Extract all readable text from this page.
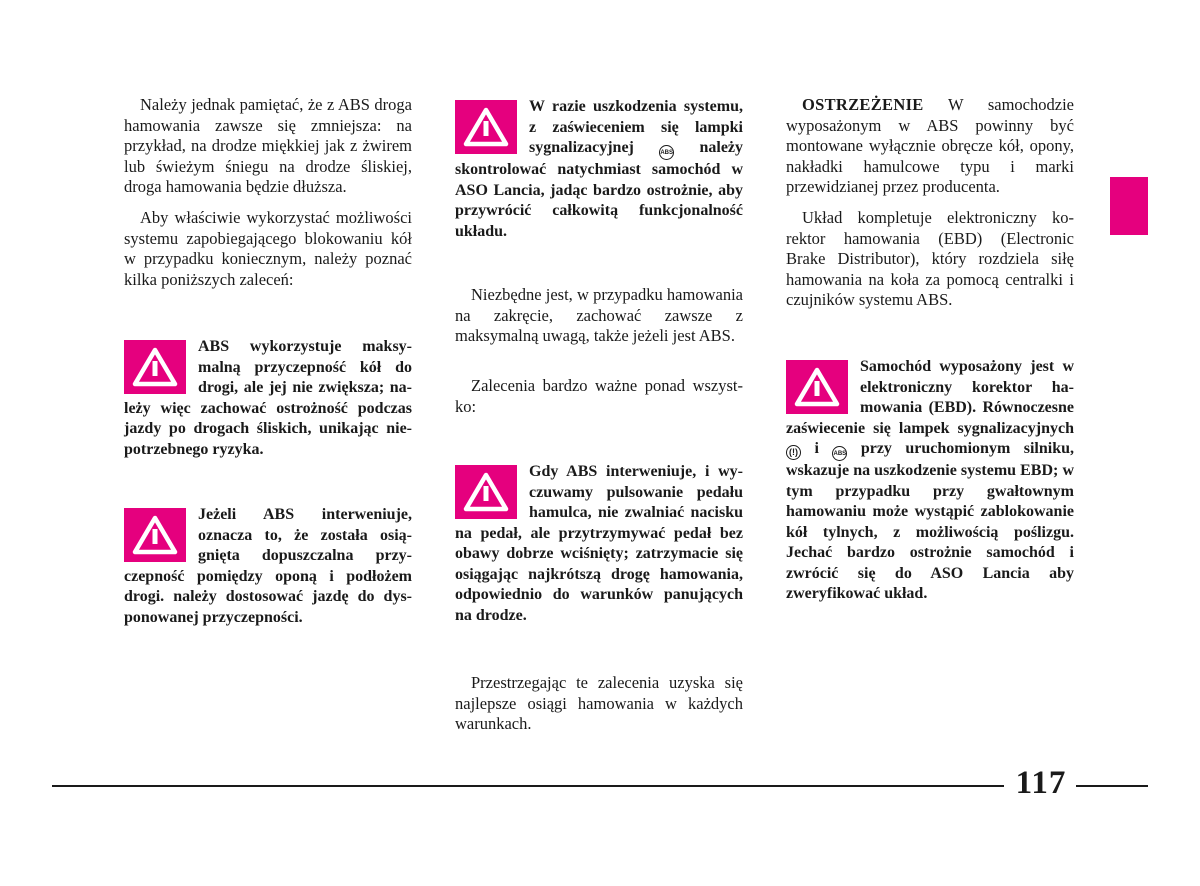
Należy jednak pamiętać, że z ABS droga hamowania zawsze się zmniejsza: na przykład, na drodze miękkiej jak z żwirem lub świeżym śniegu na drodze śliskiej, droga hamowania będzie dłuższa.

Aby właściwie wykorzystać możliwości systemu zapobiegającego blokowaniu kół w przypadku koniecznym, należy poznać kilka poniższych zaleceń:

ABS wykorzystuje maksymalną przyczepność kół do drogi, ale jej nie zwiększa; należy więc zachować ostrożność podczas jazdy po drogach śliskich, unikając niepotrzebnego ryzyka.
Jeżeli ABS interweniuje, oznacza to, że została osiągnięta dopuszczalna przyczepność pomiędzy oponą i podłożem drogi. należy dostosować jazdę do dysponowanej przyczepności.
W razie uszkodzenia systemu, z zaświeceniem się lampki sygnalizacyjnej	ABS należy skontrolować natychmiast samochód w ASO Lancia, jadąc bardzo ostrożnie, aby przywrócić całkowitą funkcjonalność układu.

Niezbędne jest, w przypadku hamowania na zakręcie, zachować zawsze z maksymalną uwagą, także jeżeli jest ABS.

Zalecenia bardzo ważne ponad wszystko:

Gdy ABS interweniuje, i wyczuwamy pulsowanie pedału hamulca, nie zwalniać nacisku na pedał, ale przytrzymywać pedał bez obawy dobrze wciśnięty; zatrzymacie się osiągając najkrótszą drogę hamowania, odpowiednio do warunków panujących na drodze.

Przestrzegając te zalecenia uzyska się najlepsze osiągi hamowania w każdych warunkach.

OSTRZEŻENIE W samochodzie wyposażonym w ABS powinny być montowane wyłącznie obręcze kół, opony, nakładki hamulcowe typu i marki przewidzianej przez producenta.

Układ kompletuje elektroniczny korektor hamowania (EBD) (Electronic Brake Distributor), który rozdziela siłę hamowania na koła za pomocą centralki i czujników systemu ABS.

Samochód wyposażony jest w elektroniczny korektor hamowania (EBD). Równoczesne zaświecenie się lampek sygnalizacyjnych (!) i ABS przy uruchomionym silniku, wskazuje na uszkodzenie systemu EBD; w tym przypadku przy gwałtownym hamowaniu może wystąpić zablokowanie kół tylnych, z możliwością poślizgu. Jechać bardzo ostrożnie samochód i zwrócić się do ASO Lancia aby zweryfikować układ.
117
